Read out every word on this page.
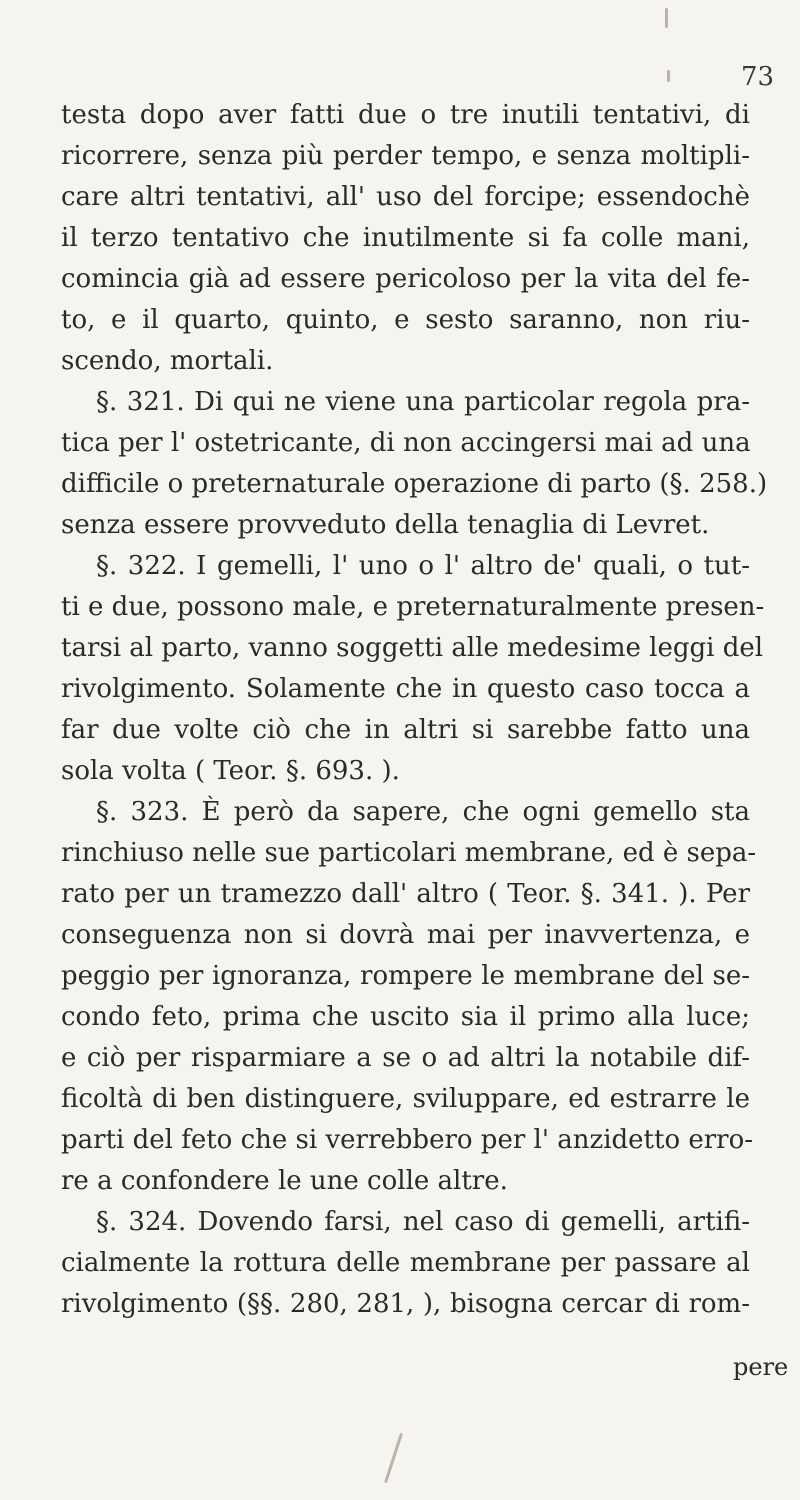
73
testa dopo aver fatti due o tre inutili tentativi, di
ricorrere, senza più perder tempo, e senza moltipli-
care altri tentativi, all' uso del forcipe; essendochè
il terzo tentativo che inutilmente si fa colle mani,
comincia già ad essere pericoloso per la vita del fe-
to, e il quarto, quinto, e sesto saranno, non riu-
scendo, mortali.
§. 321. Di qui ne viene una particolar regola pra-
tica per l' ostetricante, di non accingersi mai ad una
difficile o preternaturale operazione di parto (§. 258.)
senza essere provveduto della tenaglia di Levret.
§. 322. I gemelli, l' uno o l' altro de' quali, o tut-
ti e due, possono male, e preternaturalmente presen-
tarsi al parto, vanno soggetti alle medesime leggi del
rivolgimento. Solamente che in questo caso tocca a
far due volte ciò che in altri si sarebbe fatto una
sola volta ( Teor. §. 693. ).
§. 323. È però da sapere, che ogni gemello sta
rinchiuso nelle sue particolari membrane, ed è sepa-
rato per un tramezzo dall' altro ( Teor. §. 341. ). Per
conseguenza non si dovrà mai per inavvertenza, e
peggio per ignoranza, rompere le membrane del se-
condo feto, prima che uscito sia il primo alla luce;
e ciò per risparmiare a se o ad altri la notabile dif-
ficoltà di ben distinguere, sviluppare, ed estrarre le
parti del feto che si verrebbero per l' anzidetto erro-
re a confondere le une colle altre.
§. 324. Dovendo farsi, nel caso di gemelli, artifi-
cialmente la rottura delle membrane per passare al
rivolgimento (§§. 280, 281, ), bisogna cercar di rom-
pere
